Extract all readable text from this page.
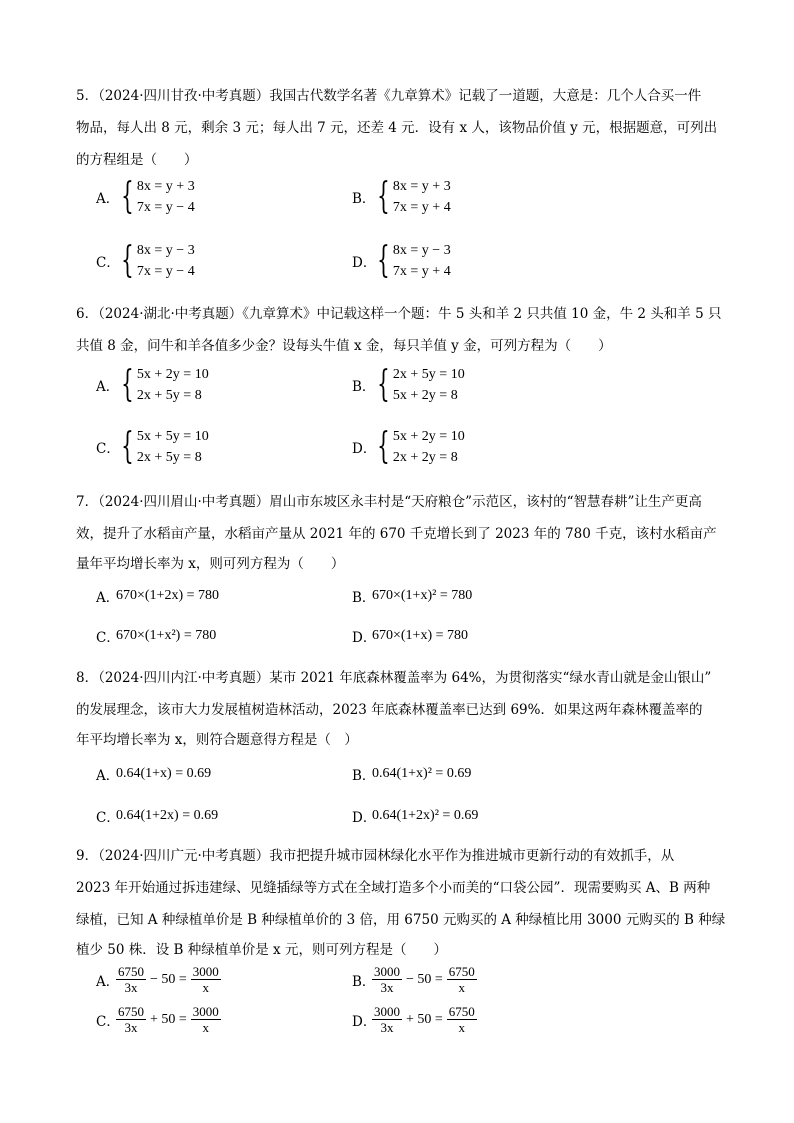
5．（2024·四川甘孜·中考真题）我国古代数学名著《九章算术》记载了一道题，大意是：几个人合买一件
物品，每人出 8 元，剩余 3 元；每人出 7 元，还差 4 元．设有 x 人，该物品价值 y 元，根据题意，可列出
的方程组是（　　）
A． { 8x = y + 3
7x = y − 4
B． { 8x = y + 3
7x = y + 4
C． { 8x = y − 3
7x = y − 4
D． { 8x = y − 3
7x = y + 4
6．（2024·湖北·中考真题）《九章算术》中记载这样一个题：牛 5 头和羊 2 只共值 10 金，牛 2 头和羊 5 只
共值 8 金，问牛和羊各值多少金？设每头牛值 x 金，每只羊值 y 金，可列方程为（　　）
A． { 5x + 2y = 10
2x + 5y = 8
B． { 2x + 5y = 10
5x + 2y = 8
C． { 5x + 5y = 10
2x + 5y = 8
D． { 5x + 2y = 10
2x + 2y = 8
7．（2024·四川眉山·中考真题）眉山市东坡区永丰村是“天府粮仓”示范区，该村的“智慧春耕”让生产更高
效，提升了水稻亩产量，水稻亩产量从 2021 年的 670 千克增长到了 2023 年的 780 千克，该村水稻亩产
量年平均增长率为 x，则可列方程为（　　）
A．
670×(1+2x) = 780	B．
670×(1+x)² = 780
C．
670×(1+x²) = 780	D．
670×(1+x) = 780
8．（2024·四川内江·中考真题）某市 2021 年底森林覆盖率为 64%，为贯彻落实“绿水青山就是金山银山”
的发展理念，该市大力发展植树造林活动，2023 年底森林覆盖率已达到 69%．如果这两年森林覆盖率的
年平均增长率为 x，则符合题意得方程是（　）
A．
0.64(1+x) = 0.69	B．
0.64(1+x)² = 0.69
C．
0.64(1+2x) = 0.69	D．
0.64(1+2x)² = 0.69
9．（2024·四川广元·中考真题）我市把提升城市园林绿化水平作为推进城市更新行动的有效抓手，从
2023 年开始通过拆违建绿、见缝插绿等方式在全域打造多个小而美的“口袋公园”．现需要购买 A、B 两种
绿植，已知 A 种绿植单价是 B 种绿植单价的 3 倍，用 6750 元购买的 A 种绿植比用 3000 元购买的 B 种绿
植少 50 株．设 B 种绿植单价是 x 元，则可列方程是（　　）
A．
$\frac{6750}{3x} - 50 = \frac{3000}{x}$	B．
$\frac{3000}{3x} - 50 = \frac{6750}{x}$
C．
$\frac{6750}{3x} + 50 = \frac{3000}{x}$	D．
$\frac{3000}{3x} + 50 = \frac{6750}{x}$
